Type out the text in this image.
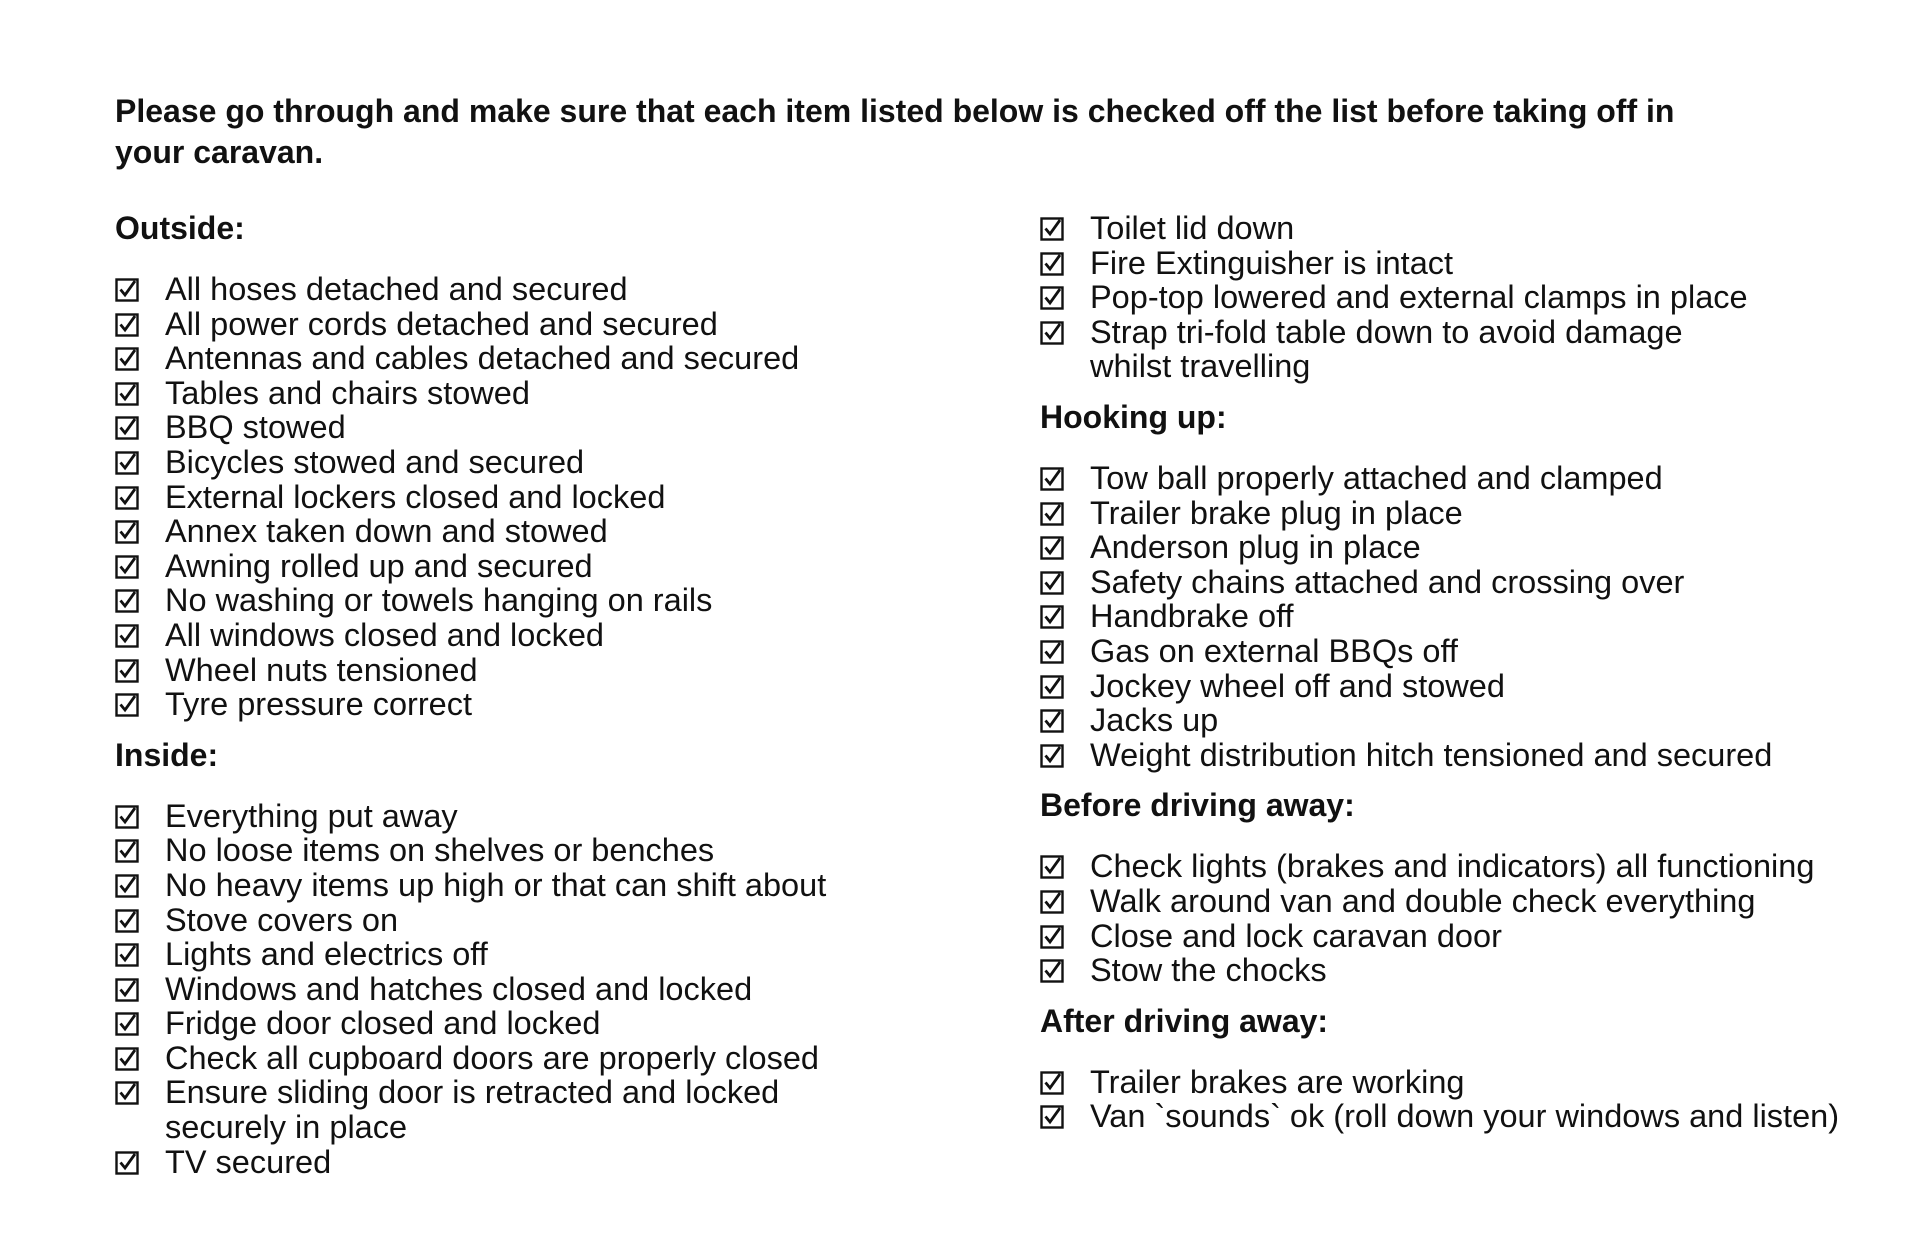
Please go through and make sure that each item listed below is checked off the list before taking off in your caravan.
Outside:
All hoses detached and secured
All power cords detached and secured
Antennas and cables detached and secured
Tables and chairs stowed
BBQ stowed
Bicycles stowed and secured
External lockers closed and locked
Annex taken down and stowed
Awning rolled up and secured
No washing or towels hanging on rails
All windows closed and locked
Wheel nuts tensioned
Tyre pressure correct
Inside:
Everything put away
No loose items on shelves or benches
No heavy items up high or that can shift about
Stove covers on
Lights and electrics off
Windows and hatches closed and locked
Fridge door closed and locked
Check all cupboard doors are properly closed
Ensure sliding door is retracted and locked
securely in place
TV secured
Toilet lid down
Fire Extinguisher is intact
Pop-top lowered and external clamps in place
Strap tri-fold table down to avoid damage
whilst travelling
Hooking up:
Tow ball properly attached and clamped
Trailer brake plug in place
Anderson plug in place
Safety chains attached and crossing over
Handbrake off
Gas on external BBQs off
Jockey wheel off and stowed
Jacks up
Weight distribution hitch tensioned and secured
Before driving away:
Check lights (brakes and indicators) all functioning
Walk around van and double check everything
Close and lock caravan door
Stow the chocks
After driving away:
Trailer brakes are working
Van `sounds` ok (roll down your windows and listen)
